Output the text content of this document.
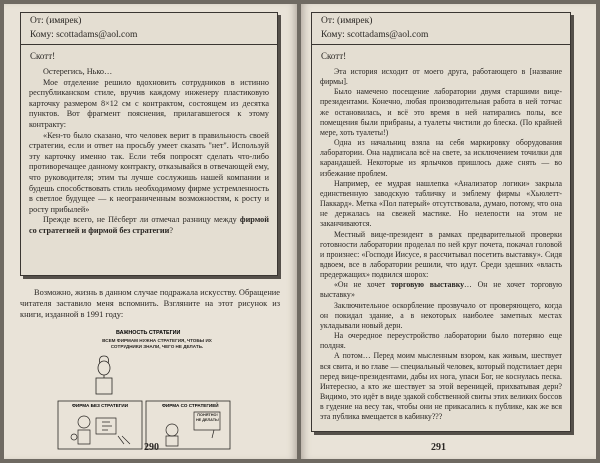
От: (имярек)
Кому: scottadams@aol.com
Скотт!

Остерегись, Нько…

Мое отделение решило вдохновить сотрудников в истинно республиканском стиле, вручив каждому инженеру пластиковую карточку размером 8×12 см с контрактом, состоящем из десятка пунктов. Вот фрагмент пояснения, прилагавшегося к этому контракту:

«Кен-то было сказано, что человек верит в правильность своей стратегии, если и ответ на просьбу умеет сказать "нет". Используй эту карточку именно так. Если тебя попросят сделать что-либо противоречащее данному контракту, отказывайся в отвечающей ему, что руководителя; этим ты лучше сослужишь нашей компании и будешь способствовать стиль необходимому фирме устремленность в светлое будущее — к неограниченным возможностям, к росту и росту прибылей»

Прежде всего, не Пёсберт ли отмечал разницу между фирмой со стратегией и фирмой без стратегии?

Возможно, жизнь в данном случае подражала искусству. Обращение читателя заставило меня вспомнить. Взгляните на этот рисунок из книги, изданной в 1991 году:

ВАЖНОСТЬ СТРАТЕГИИ
ВСЕМ ФИРМАМ НУЖНА СТРАТЕГИЯ, ЧТОБЫ ИХ СОТРУДНИКИ ЗНАЛИ, ЧЕГО НЕ ДЕЛАТЬ.
ФИРМА БЕЗ СТРАТЕГИИ	ФИРМА СО СТРАТЕГИЕЙ
ПОНЯТНО! НЕ ДЕЛАТЬ!
290
От: (имярек)
Кому: scottadams@aol.com
Скотт!

Эта история исходит от моего друга, работающего в [название фирмы].

Было намечено посещение лаборатории двумя старшими вице-президентами. Конечно, любая производительная работа в ней тотчас же остановилась, и всё это время в ней натирались полы, все помещения были прибраны, а туалеты чистили до блеска. (По крайней мере, хоть туалеты!)

Одна из начальниц взяла на себя маркировку оборудования лаборатории. Она надписала всё на свете, за исключением точилки для карандашей. Некоторые из ярлычков пришлось даже снять — во избежание проблем.

Например, ее мудрая нашлепка «Анализатор логики» закрыла единственную заводскую табличку и эмблему фирмы «Хьюлетт-Паккард». Метка «Пол патерый» отсутствовала, думаю, потому, что она не держалась на свежей мастике. Но нелепости на этом не заканчиваются.

Местный вице-президент в рамках предварительной проверки готовности лаборатории проделал по ней круг почета, покачал головой и произнес: «Господи Иисусе, я рассчитывал посетить выставку». Сидя вдвоем, все в лаборатории решили, что идут. Среди здешних «власть предержащих» подвился шорох:

«Он не хочет торговую выставку… Он не хочет торговую выставку»

Заключительное оскорбление прозвучало от проверяющего, когда он покидал здание, а в некоторых наиболее заметных местах укладывали новый дерн.

На очередное переустройство лаборатории было потеряно еще полдня.

А потом… Перед моим мысленным взором, как живым, шествует вся свита, и во главе — специальный человек, который подстилает дерн перед вице-президентами, дабы их нога, упаси Бог, не коснулась песка. Интересно, а кто же шествует за этой вереницей, прихватывая дерн? Видимо, это идёт в виде эдакой собственной свиты этих великих боссов в гудение на весу так, чтобы они не прикасались к публике, как же вся эта публика вмещается в кабинку???

291
